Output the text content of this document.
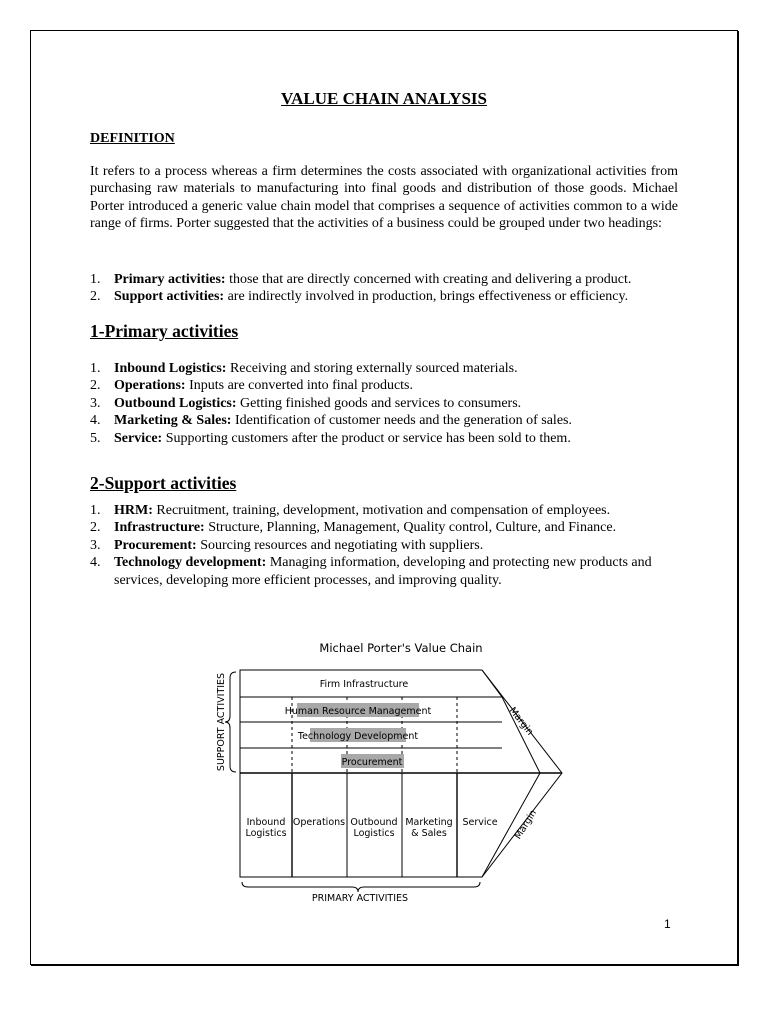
VALUE CHAIN ANALYSIS
DEFINITION

It refers to a process whereas a firm determines the costs associated with organizational activities from purchasing raw materials to manufacturing into final goods and distribution of those goods. Michael Porter introduced a generic value chain model that comprises a sequence of activities common to a wide range of firms. Porter suggested that the activities of a business could be grouped under two headings:

1. Primary activities: those that are directly concerned with creating and delivering a product.
2. Support activities: are indirectly involved in production, brings effectiveness or efficiency.
1-Primary activities
1. Inbound Logistics: Receiving and storing externally sourced materials.
2. Operations: Inputs are converted into final products.
3. Outbound Logistics: Getting finished goods and services to consumers.
4. Marketing & Sales: Identification of customer needs and the generation of sales.
5. Service: Supporting customers after the product or service has been sold to them.
2-Support activities
1. HRM: Recruitment, training, development, motivation and compensation of employees.
2. Infrastructure: Structure, Planning, Management, Quality control, Culture, and Finance.
3. Procurement: Sourcing resources and negotiating with suppliers.
4. Technology development: Managing information, developing and protecting new products and services, developing more efficient processes, and improving quality.
Michael Porter's Value Chain
Firm Infrastructure
Human Resource Management
Technology Development
Procurement
Inbound
Logistics
Operations Outbound
Logistics
Marketing
& Sales
Service
Margin
Margin
SUPPORT ACTIVITIES
PRIMARY ACTIVITIES
1
